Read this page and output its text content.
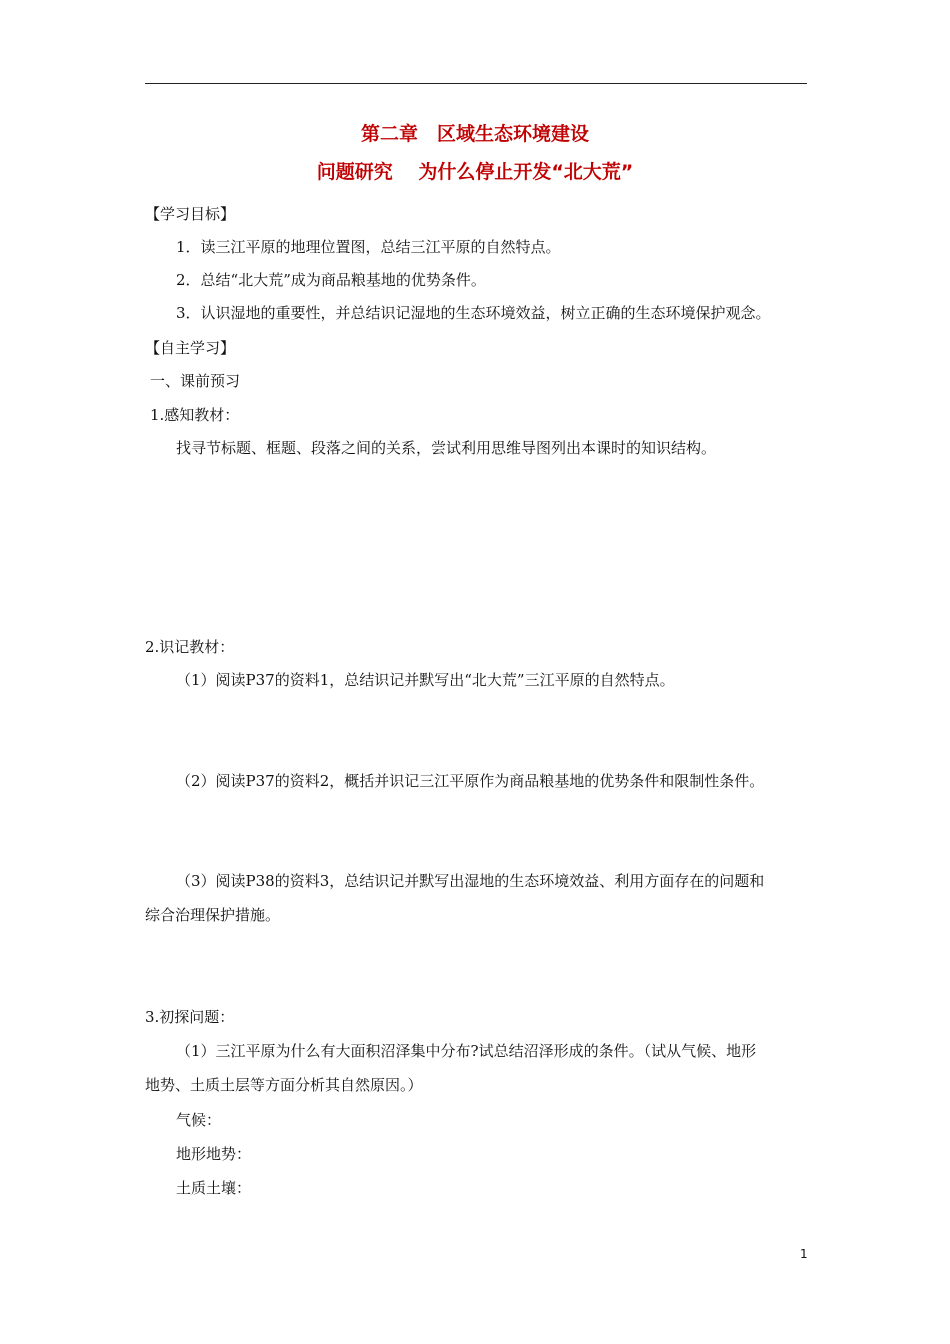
第二章　区域生态环境建设
问题研究　 为什么停止开发“北大荒”
【学习目标】
1．读三江平原的地理位置图，总结三江平原的自然特点。
2．总结“北大荒”成为商品粮基地的优势条件。
3．认识湿地的重要性，并总结识记湿地的生态环境效益，树立正确的生态环境保护观念。
【自主学习】
一、课前预习
1.感知教材：
找寻节标题、框题、段落之间的关系，尝试利用思维导图列出本课时的知识结构。
2.识记教材：
（1）阅读P37的资料1，总结识记并默写出“北大荒”三江平原的自然特点。
（2）阅读P37的资料2，概括并识记三江平原作为商品粮基地的优势条件和限制性条件。
（3）阅读P38的资料3，总结识记并默写出湿地的生态环境效益、利用方面存在的问题和
综合治理保护措施。
3.初探问题：
（1）三江平原为什么有大面积沼泽集中分布?试总结沼泽形成的条件。（试从气候、地形
地势、土质土层等方面分析其自然原因。）
气候：
地形地势：
土质土壤：
1
